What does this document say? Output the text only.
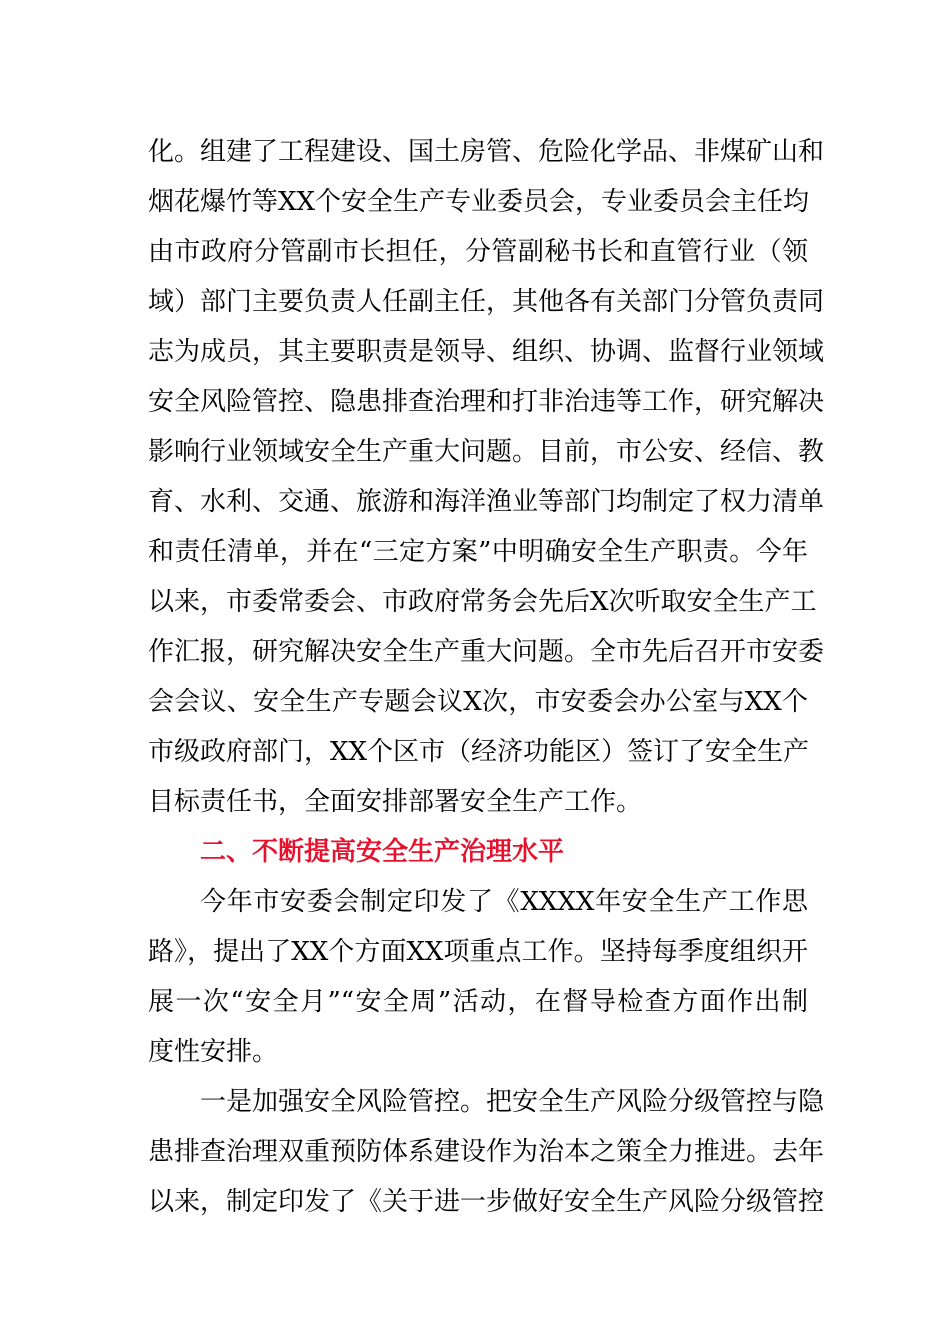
化。组建了工程建设、国土房管、危险化学品、非煤矿山和
烟花爆竹等XX个安全生产专业委员会，专业委员会主任均
由市政府分管副市长担任，分管副秘书长和直管行业（领
域）部门主要负责人任副主任，其他各有关部门分管负责同
志为成员，其主要职责是领导、组织、协调、监督行业领域
安全风险管控、隐患排查治理和打非治违等工作，研究解决
影响行业领域安全生产重大问题。目前，市公安、经信、教
育、水利、交通、旅游和海洋渔业等部门均制定了权力清单
和责任清单，并在“三定方案”中明确安全生产职责。今年
以来，市委常委会、市政府常务会先后X次听取安全生产工
作汇报，研究解决安全生产重大问题。全市先后召开市安委
会会议、安全生产专题会议X次，市安委会办公室与XX个
市级政府部门，XX个区市（经济功能区）签订了安全生产
目标责任书，全面安排部署安全生产工作。
二、不断提高安全生产治理水平
今年市安委会制定印发了《XXXX年安全生产工作思
路》，提出了XX个方面XX项重点工作。坚持每季度组织开
展一次“安全月”“安全周”活动，在督导检查方面作出制
度性安排。
一是加强安全风险管控。把安全生产风险分级管控与隐
患排查治理双重预防体系建设作为治本之策全力推进。去年
以来，制定印发了《关于进一步做好安全生产风险分级管控
